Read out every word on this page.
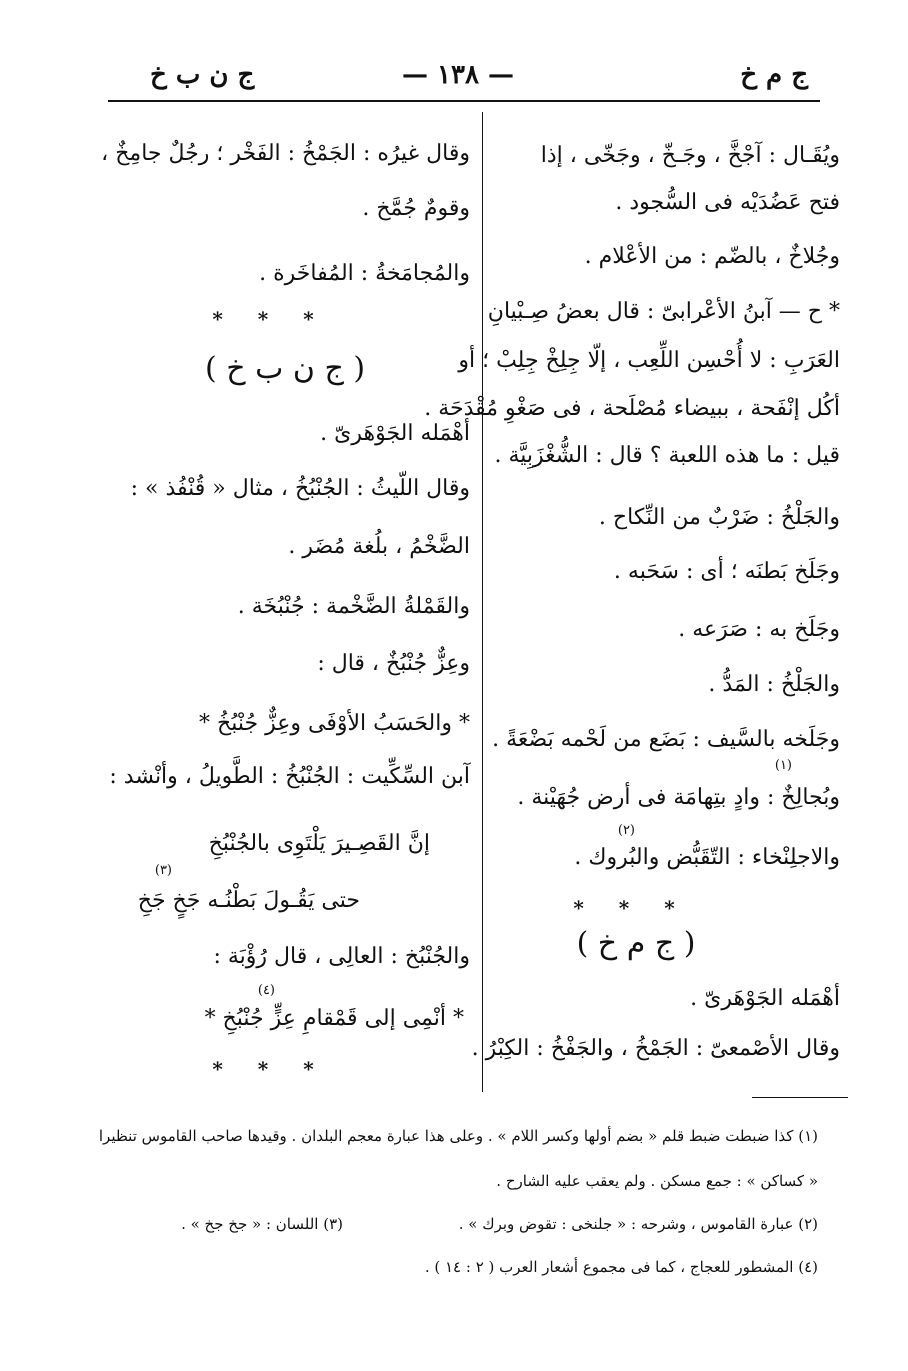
ج م خ
— ١٣٨ —
ج ن ب خ
ويُقَـال : آجْخَّ ، وجَـخّ ، وجَخّى ، إذا
فتح عَضُدَيْه فى السُّجود .
وجُلاخٌ ، بالضّم : من الأعْلام .
* ح — آبنُ الأعْرابىّ : قال بعضُ صِـبْيانِ
العَرَبِ : لا أُحْسِن اللِّعِب ، إلّا جِلِخْ جِلِبْ ؛ أو
أكُل إنْفَحة ، ببيضاء مُصْلَحة ، فى صَغْوِ مُقْدَحَة .
قيل : ما هذه اللعبة ؟ قال : الشُّغْزَبِيَّة .
والجَلْخُ : ضَرْبٌ من النِّكاح .
وجَلَخ بَطنَه ؛ أى : سَحَبه .
وجَلَخ به : صَرَعه .
والجَلْخُ : المَدُّ .
وجَلَخه بالسَّيف : بَضَع من لَحْمه بَضْعَةً .
وبُجالِخٌ : وادٍ بتِهامَة فى أرض جُهَيْنة .
(١)
والاجلِنْخاء : التّقَبُّض والبُروك .
(٢)
* * *
( ج م خ )
أهْمَله الجَوْهَرىّ .
وقال الأصْمعىّ : الجَمْخُ ، والجَفْخُ : الكِبْرُ .
وقال غيرُه : الجَمْخُ : الفَخْر ؛ رجُلٌ جامِخٌ ،
وقومٌ جُمَّخ .
والمُجامَخةُ : المُفاخَرة .
* * *
( ج ن ب خ )
أهْمَله الجَوْهَرىّ .
وقال اللّيثُ : الجُنْبُخُ ، مثال « قُنْفُذ » :
الضَّخْمُ ، بلُغة مُضَر .
والقَمْلةُ الضَّخْمة : جُنْبُخَة .
وعِزٌّ جُنْبُخٌ ، قال :
* والحَسَبُ الأوْفَى وعِزٌّ جُنْبُخُ *
آبن السِّكِّيت : الجُنْبُخُ : الطَّويلُ ، وأنْشد :
إنَّ القَصِـيرَ يَلْتَوِى بالجُنْبُخِ
حتى يَقُـولَ بَطْنُـه جَخٍ جَخِ
(٣)
والجُنْبُخ : العالِى ، قال رُؤْبَة :
* أنْمِى إلى قَمْقامِ عِزٍّ جُنْبُخِ *
(٤)
* * *
(١) كذا ضبطت ضبط قلم « بضم أولها وكسر اللام » . وعلى هذا عبارة معجم البلدان . وقيدها صاحب القاموس تنظيرا
« كساكن » : جمع مسكن . ولم يعقب عليه الشارح .
(٢) عبارة القاموس ، وشرحه : « جلنخى : تقوض وبرك » .
(٣) اللسان : « جخ جخ » .
(٤) المشطور للعجاج ، كما فى مجموع أشعار العرب ( ٢ : ١٤ ) .
